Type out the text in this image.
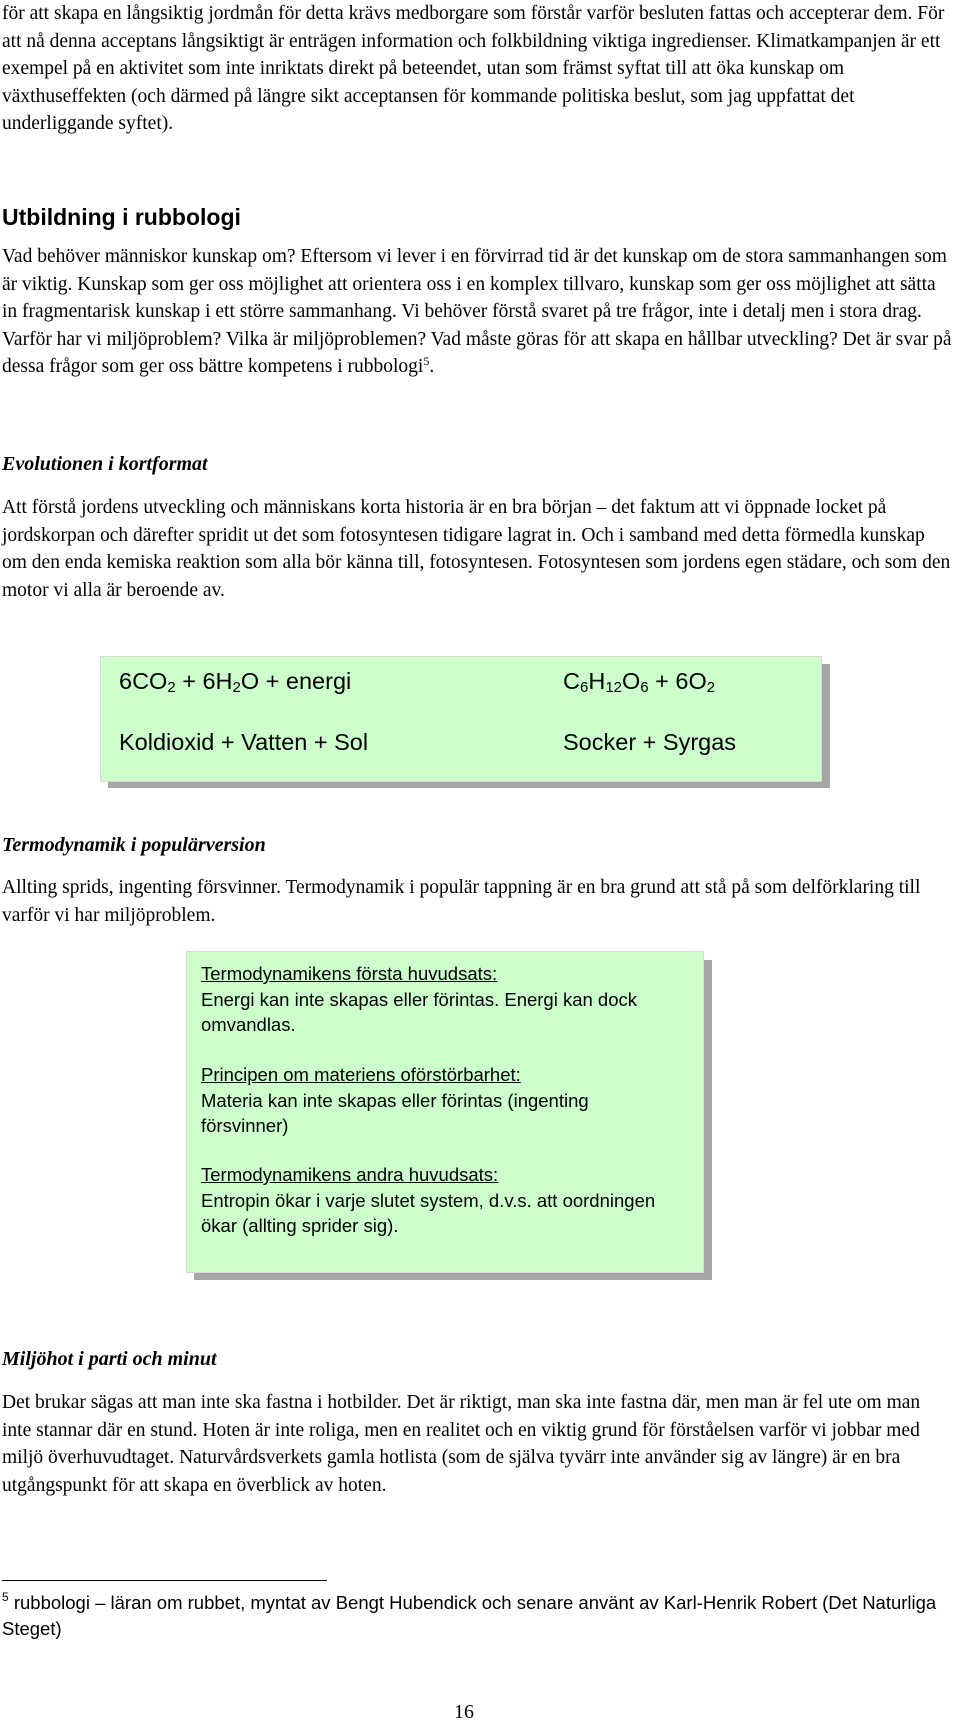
för att skapa en långsiktig jordmån för detta krävs medborgare som förstår varför besluten fattas och accepterar dem. För att nå denna acceptans långsiktigt är enträgen information och folkbildning viktiga ingredienser. Klimatkampanjen är ett exempel på en aktivitet som inte inriktats direkt på beteendet, utan som främst syftat till att öka kunskap om växthuseffekten (och därmed på längre sikt acceptansen för kommande politiska beslut, som jag uppfattat det underliggande syftet).

Utbildning i rubbologi

Vad behöver människor kunskap om? Eftersom vi lever i en förvirrad tid är det kunskap om de stora sammanhangen som är viktig. Kunskap som ger oss möjlighet att orientera oss i en komplex tillvaro, kunskap som ger oss möjlighet att sätta in fragmentarisk kunskap i ett större sammanhang. Vi behöver förstå svaret på tre frågor, inte i detalj men i stora drag. Varför har vi miljöproblem? Vilka är miljöproblemen? Vad måste göras för att skapa en hållbar utveckling? Det är svar på dessa frågor som ger oss bättre kompetens i rubbologi$^5$.

Evolutionen i kortformat

Att förstå jordens utveckling och människans korta historia är en bra början – det faktum att vi öppnade locket på jordskorpan och därefter spridit ut det som fotosyntesen tidigare lagrat in. Och i samband med detta förmedla kunskap om den enda kemiska reaktion som alla bör känna till, fotosyntesen. Fotosyntesen som jordens egen städare, och som den motor vi alla är beroende av.

$6CO_2 + 6H_2O$ + energi	$C_6H_{12}O_6 + 6O_2$
Koldioxid + Vatten + Sol	Socker + Syrgas
Termodynamik i populärversion

Allting sprids, ingenting försvinner. Termodynamik i populär tappning är en bra grund att stå på som delförklaring till varför vi har miljöproblem.

Termodynamikens första huvudsats:
Energi kan inte skapas eller förintas. Energi kan dock omvandlas.
Principen om materiens oförstörbarhet:
Materia kan inte skapas eller förintas (ingenting försvinner)
Termodynamikens andra huvudsats:
Entropin ökar i varje slutet system, d.v.s. att oordningen ökar (allting sprider sig).
Miljöhot i parti och minut

Det brukar sägas att man inte ska fastna i hotbilder. Det är riktigt, man ska inte fastna där, men man är fel ute om man inte stannar där en stund. Hoten är inte roliga, men en realitet och en viktig grund för förståelsen varför vi jobbar med miljö överhuvudtaget. Naturvårdsverkets gamla hotlista (som de själva tyvärr inte använder sig av längre) är en bra utgångspunkt för att skapa en överblick av hoten.

$^5$ rubbologi – läran om rubbet, myntat av Bengt Hubendick och senare använt av Karl-Henrik Robert (Det Naturliga Steget)

16
